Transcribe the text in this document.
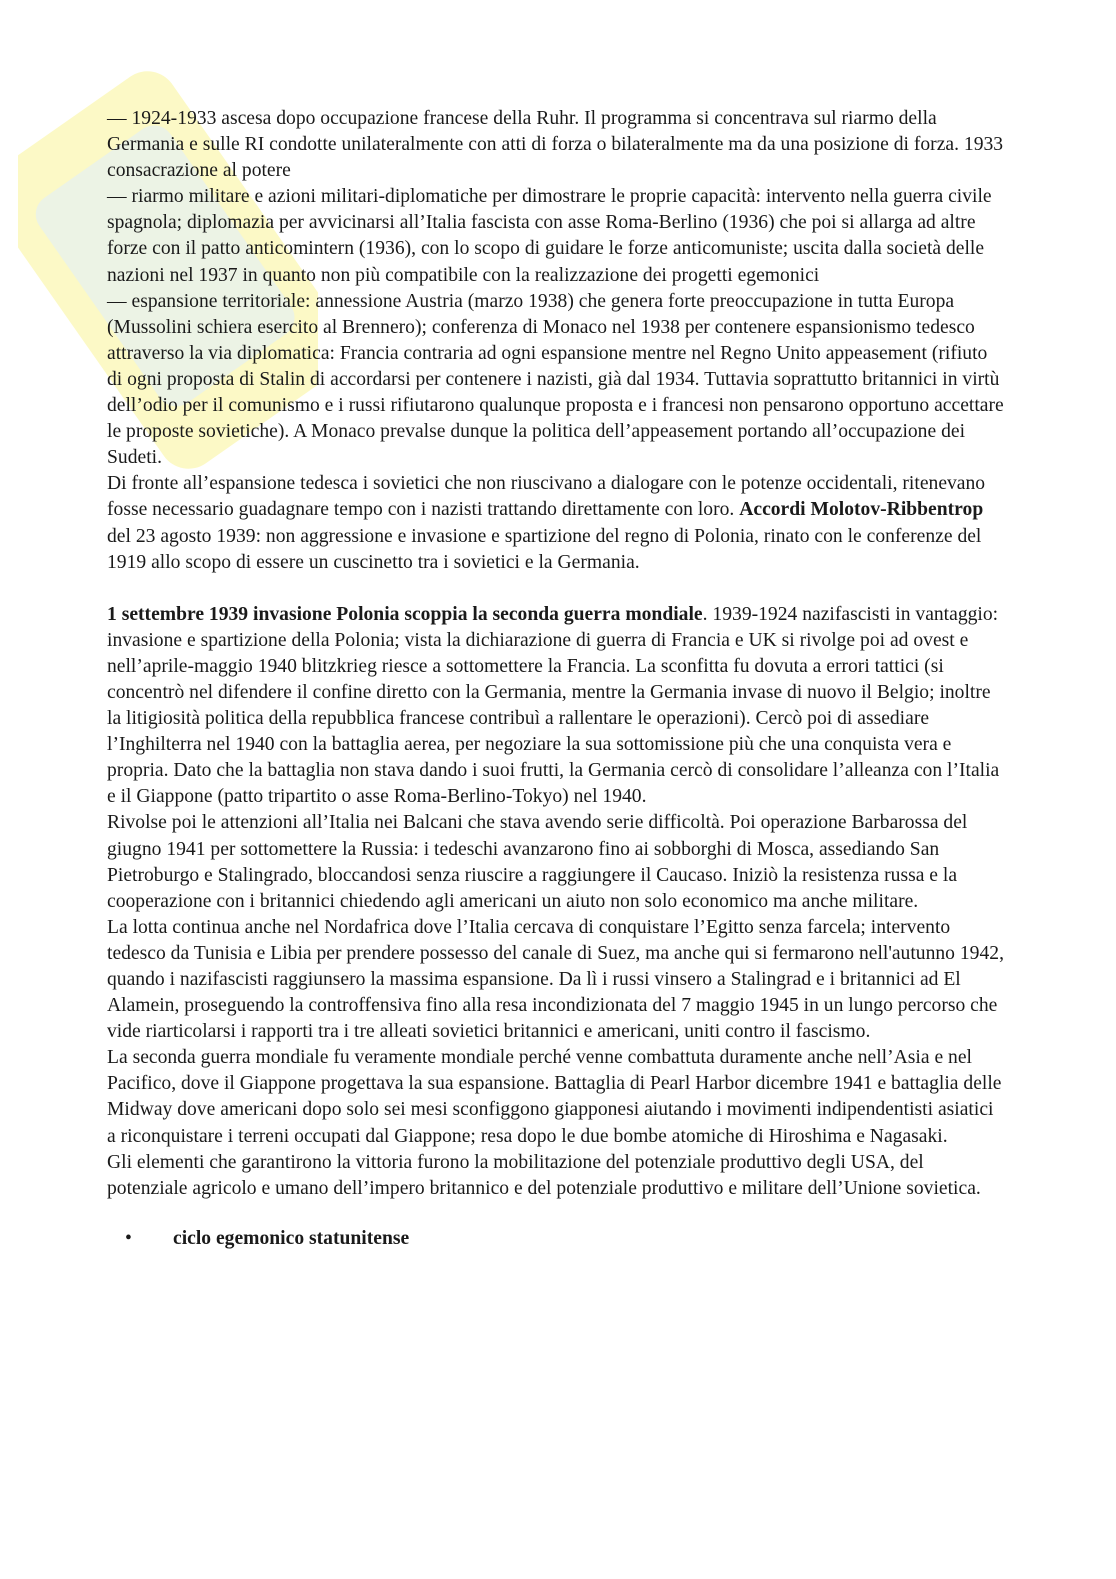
— 1924-1933 ascesa dopo occupazione francese della Ruhr. Il programma si concentrava sul riarmo della Germania e sulle RI condotte unilateralmente con atti di forza o bilateralmente ma da una posizione di forza. 1933 consacrazione al potere

— riarmo militare e azioni militari-diplomatiche per dimostrare le proprie capacità: intervento nella guerra civile spagnola; diplomazia per avvicinarsi all’Italia fascista con asse Roma-Berlino (1936) che poi si allarga ad altre forze con il patto anticomintern (1936), con lo scopo di guidare le forze anticomuniste; uscita dalla società delle nazioni nel 1937 in quanto non più compatibile con la realizzazione dei progetti egemonici

— espansione territoriale: annessione Austria (marzo 1938) che genera forte preoccupazione in tutta Europa (Mussolini schiera esercito al Brennero); conferenza di Monaco nel 1938 per contenere espansionismo tedesco attraverso la via diplomatica: Francia contraria ad ogni espansione mentre nel Regno Unito appeasement (rifiuto di ogni proposta di Stalin di accordarsi per contenere i nazisti, già dal 1934. Tuttavia soprattutto britannici in virtù dell’odio per il comunismo e i russi rifiutarono qualunque proposta e i francesi non pensarono opportuno accettare le proposte sovietiche). A Monaco prevalse dunque la politica dell’appeasement portando all’occupazione dei Sudeti.

Di fronte all’espansione tedesca i sovietici che non riuscivano a dialogare con le potenze occidentali, ritenevano fosse necessario guadagnare tempo con i nazisti trattando direttamente con loro. Accordi Molotov-Ribbentrop del 23 agosto 1939: non aggressione e invasione e spartizione del regno di Polonia, rinato con le conferenze del 1919 allo scopo di essere un cuscinetto tra i sovietici e la Germania.

1 settembre 1939 invasione Polonia scoppia la seconda guerra mondiale. 1939-1924 nazifascisti in vantaggio: invasione e spartizione della Polonia; vista la dichiarazione di guerra di Francia e UK si rivolge poi ad ovest e nell’aprile-maggio 1940 blitzkrieg riesce a sottomettere la Francia. La sconfitta fu dovuta a errori tattici (si concentrò nel difendere il confine diretto con la Germania, mentre la Germania invase di nuovo il Belgio; inoltre la litigiosità politica della repubblica francese contribuì a rallentare le operazioni). Cercò poi di assediare l’Inghilterra nel 1940 con la battaglia aerea, per negoziare la sua sottomissione più che una conquista vera e propria. Dato che la battaglia non stava dando i suoi frutti, la Germania cercò di consolidare l’alleanza con l’Italia e il Giappone (patto tripartito o asse Roma-Berlino-Tokyo) nel 1940.

Rivolse poi le attenzioni all’Italia nei Balcani che stava avendo serie difficoltà. Poi operazione Barbarossa del giugno 1941 per sottomettere la Russia: i tedeschi avanzarono fino ai sobborghi di Mosca, assediando San Pietroburgo e Stalingrado, bloccandosi senza riuscire a raggiungere il Caucaso. Iniziò la resistenza russa e la cooperazione con i britannici chiedendo agli americani un aiuto non solo economico ma anche militare.

La lotta continua anche nel Nordafrica dove l’Italia cercava di conquistare l’Egitto senza farcela; intervento tedesco da Tunisia e Libia per prendere possesso del canale di Suez, ma anche qui si fermarono nell'autunno 1942, quando i nazifascisti raggiunsero la massima espansione. Da lì i russi vinsero a Stalingrad e i britannici ad El Alamein, proseguendo la controffensiva fino alla resa incondizionata del 7 maggio 1945 in un lungo percorso che vide riarticolarsi i rapporti tra i tre alleati sovietici britannici e americani, uniti contro il fascismo.

La seconda guerra mondiale fu veramente mondiale perché venne combattuta duramente anche nell’Asia e nel Pacifico, dove il Giappone progettava la sua espansione. Battaglia di Pearl Harbor dicembre 1941 e battaglia delle Midway dove americani dopo solo sei mesi sconfiggono giapponesi aiutando i movimenti indipendentisti asiatici a riconquistare i terreni occupati dal Giappone; resa dopo le due bombe atomiche di Hiroshima e Nagasaki.

Gli elementi che garantirono la vittoria furono la mobilitazione del potenziale produttivo degli USA, del potenziale agricolo e umano dell’impero britannico e del potenziale produttivo e militare dell’Unione sovietica.

• ciclo egemonico statunitense
